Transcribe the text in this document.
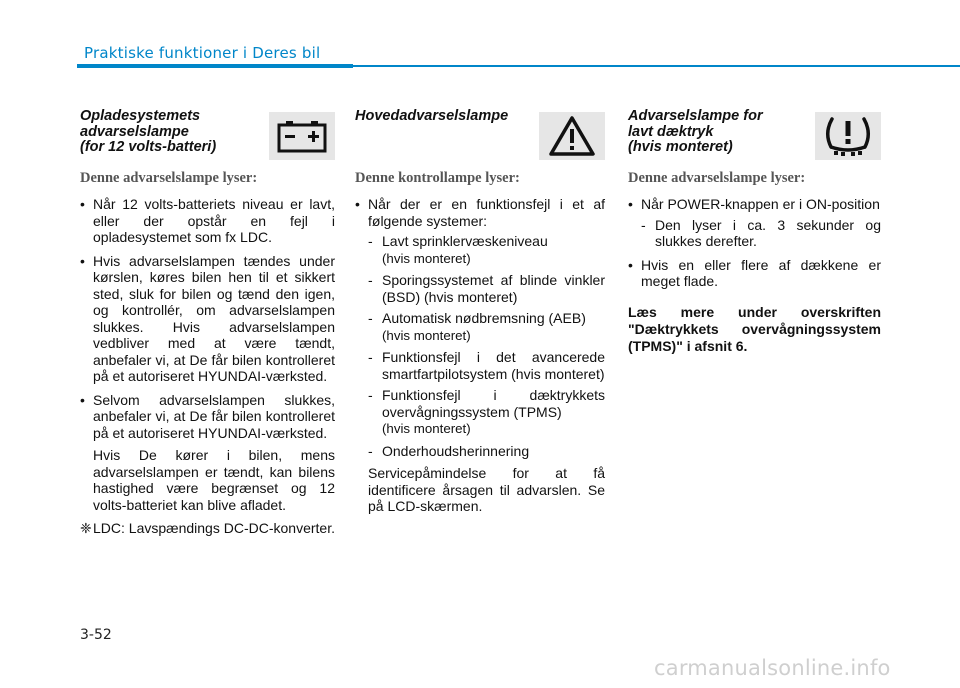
Praktiske funktioner i Deres bil
Opladesystemets
advarselslampe
(for 12 volts-batteri)
Denne advarselslampe lyser:
• Når 12 volts-batteriets niveau er lavt, eller der opstår en fejl i opladesystemet som fx LDC.
• Hvis advarselslampen tændes under kørslen, køres bilen hen til et sikkert sted, sluk for bilen og tænd den igen, og kontrollér, om advarselslampen slukkes. Hvis advarselslampen vedbliver med at være tændt, anbefaler vi, at De får bilen kontrolleret på et autoriseret HYUNDAI-værksted.
• Selvom advarselslampen slukkes, anbefaler vi, at De får bilen kontrolleret på et autoriseret HYUNDAI-værksted.
Hvis De kører i bilen, mens advarselslampen er tændt, kan bilens hastighed være begrænset og 12 volts-batteriet kan blive afladet.
❈ LDC: Lavspændings DC-DC-konverter.
Hovedadvarselslampe
Denne kontrollampe lyser:
• Når der er en funktionsfejl i et af følgende systemer:
- Lavt sprinklervæskeniveau
(hvis monteret)
- Sporingssystemet af blinde vinkler (BSD) (hvis monteret)
- Automatisk nødbremsning (AEB)
(hvis monteret)
- Funktionsfejl i det avancerede smartfartpilotsystem (hvis monteret)
- Funktionsfejl i dæktrykkets overvågningssystem (TPMS)
(hvis monteret)
- Onderhoudsherinnering
Servicepåmindelse for at få identificere årsagen til advarslen. Se på LCD-skærmen.
Advarselslampe for
lavt dæktryk
(hvis monteret)
Denne advarselslampe lyser:
• Når POWER-knappen er i ON-position
- Den lyser i ca. 3 sekunder og slukkes derefter.
• Hvis en eller flere af dækkene er meget flade.
Læs mere under overskriften "Dæktrykkets overvågningssystem (TPMS)" i afsnit 6.
3-52
carmanualsonline.info
